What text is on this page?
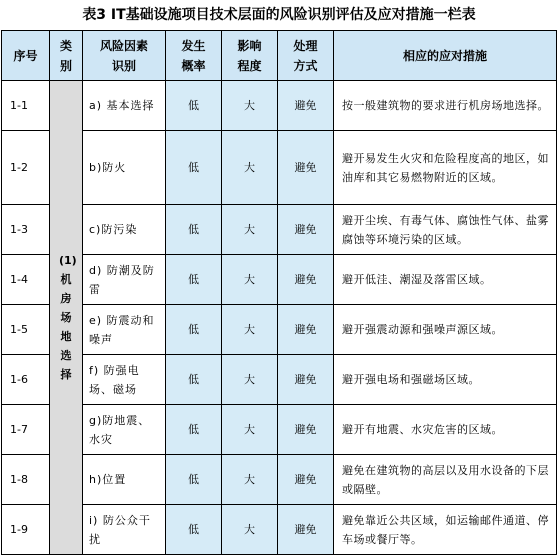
表3 IT基础设施项目技术层面的风险识别评估及应对措施一栏表
序号	类别	风险因素识别	发生概率	影响程度	处理方式	相应的应对措施
1-1	(1)机房场地选择	a) 基本选择	低	大	避免	按一般建筑物的要求进行机房场地选择。
1-2		b)防火	低	大	避免	避开易发生火灾和危险程度高的地区，如油库和其它易燃物附近的区域。
1-3		c)防污染	低	大	避免	避开尘埃、有毒气体、腐蚀性气体、盐雾腐蚀等环境污染的区域。
1-4		d) 防潮及防雷	低	大	避免	避开低洼、潮湿及落雷区域。
1-5		e) 防震动和噪声	低	大	避免	避开强震动源和强噪声源区域。
1-6		f) 防强电场、磁场	低	大	避免	避开强电场和强磁场区域。
1-7		g)防地震、水灾	低	大	避免	避开有地震、水灾危害的区域。
1-8		h)位置	低	大	避免	避免在建筑物的高层以及用水设备的下层或隔壁。
1-9		i) 防公众干扰	低	大	避免	避免靠近公共区域，如运输邮件通道、停车场或餐厅等。
